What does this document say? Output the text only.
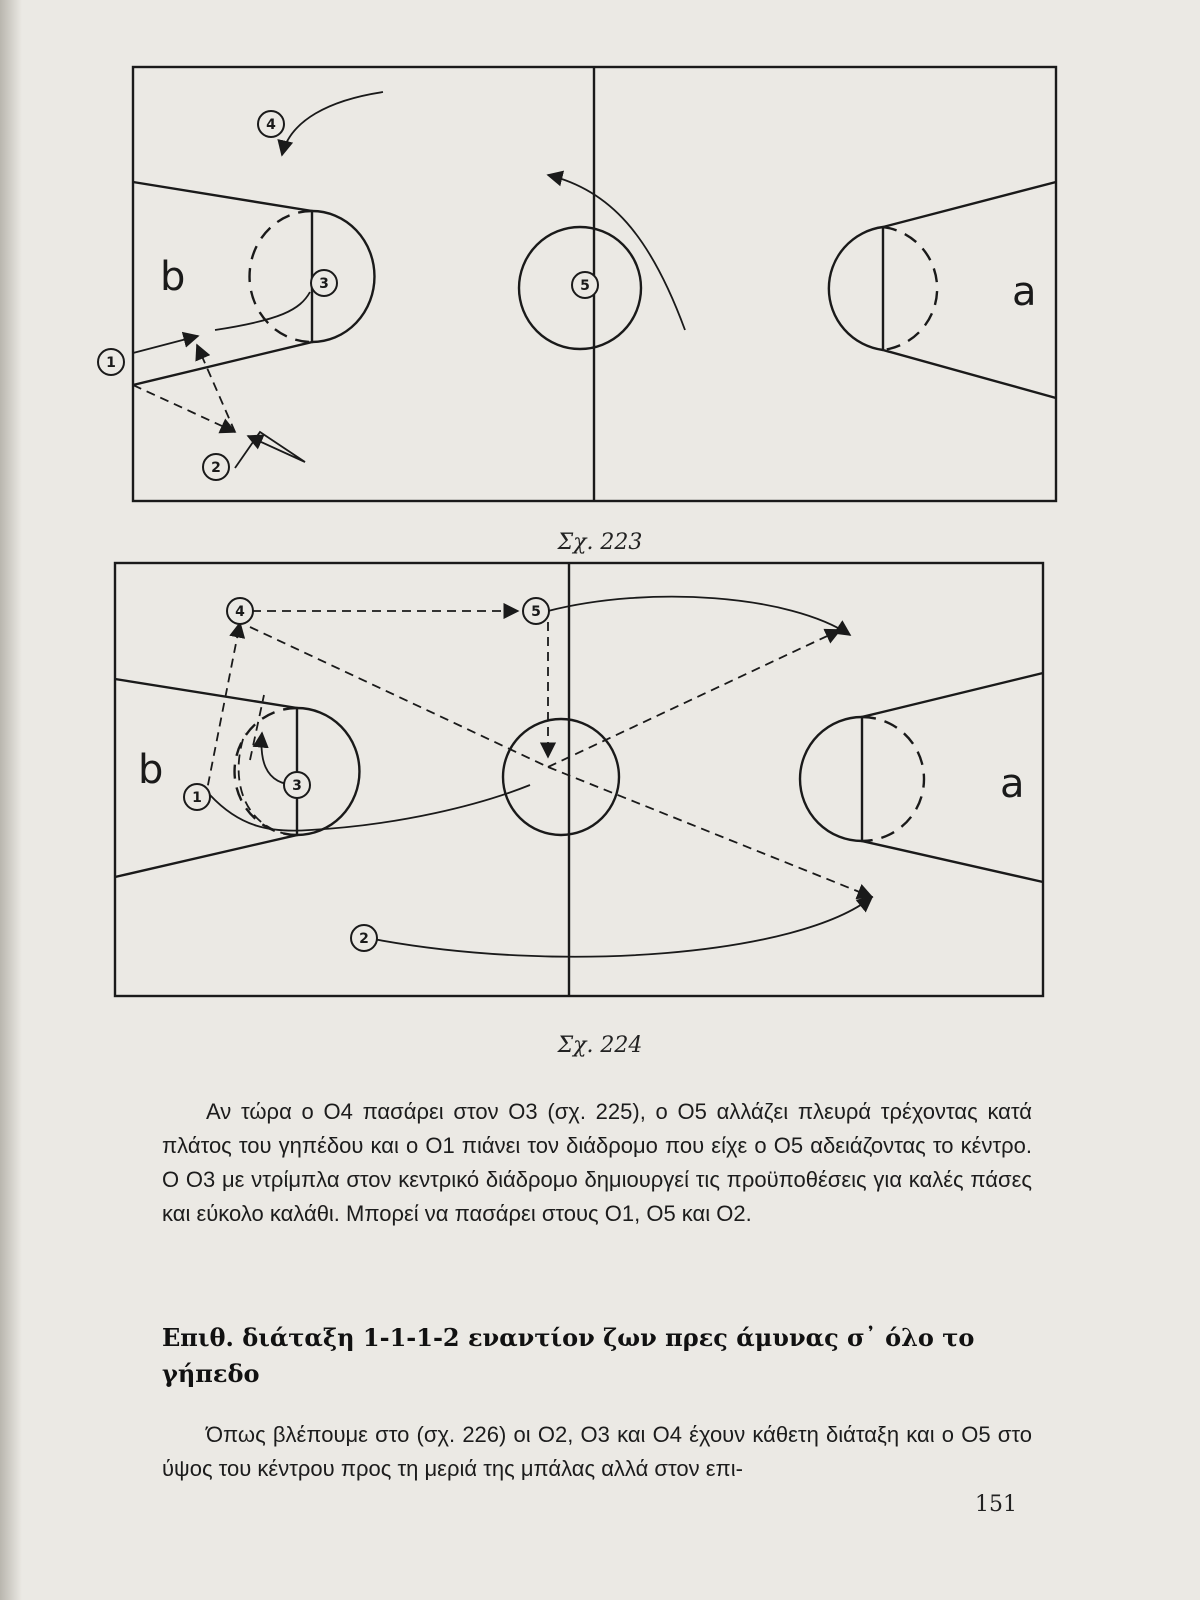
b	a
4
3	5
1
2
Σχ. 223
b	a
4	5
1
3
2
Σχ. 224
Αν τώρα ο Ο4 πασάρει στον Ο3 (σχ. 225), ο Ο5 αλλάζει πλευρά τρέχοντας κατά πλάτος του γηπέδου και ο Ο1 πιάνει τον διάδρομο που είχε ο Ο5 αδειάζοντας το κέντρο. Ο Ο3 με ντρίμπλα στον κεντρικό διάδρομο δημιουργεί τις προϋποθέσεις για καλές πάσες και εύκολο καλάθι. Μπορεί να πασάρει στους Ο1, Ο5 και Ο2.
Επιθ. διάταξη 1-1-1-2 εναντίον ζων πρες άμυνας σ᾽ όλο το γήπεδο
Όπως βλέπουμε στο (σχ. 226) οι Ο2, Ο3 και Ο4 έχουν κάθετη διάταξη και ο Ο5 στο ύψος του κέντρου προς τη μεριά της μπάλας αλλά στον επι-
151
